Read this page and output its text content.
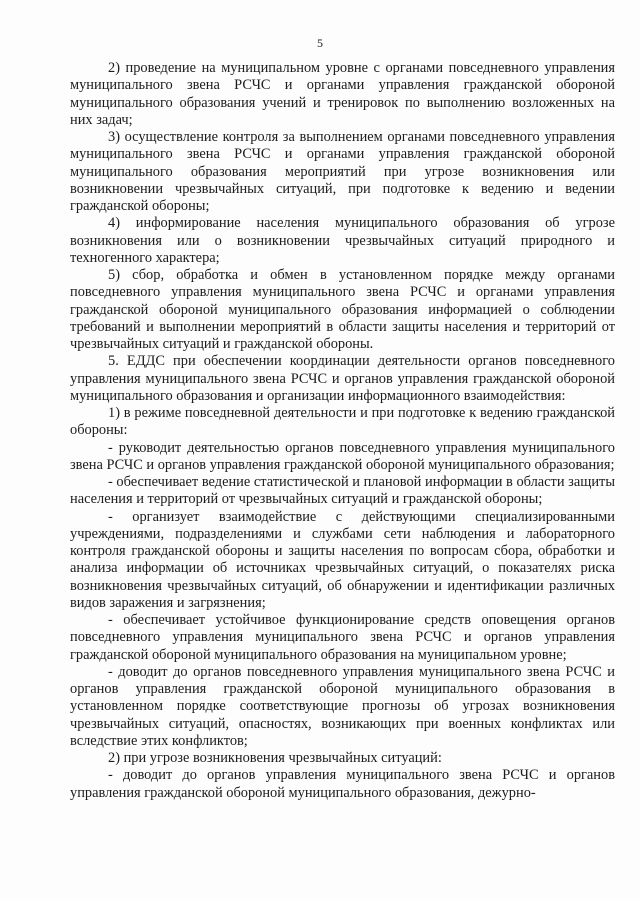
5

2) проведение на муниципальном уровне с органами повседневного управления муниципального звена РСЧС и органами управления гражданской обороной муниципального образования учений и тренировок по выполнению возложенных на них задач;

3) осуществление контроля за выполнением органами повседневного управления муниципального звена РСЧС и органами управления гражданской обороной муниципального образования мероприятий при угрозе возникновения или возникновении чрезвычайных ситуаций, при подготовке к ведению и ведении гражданской обороны;

4) информирование населения муниципального образования об угрозе возникновения или о возникновении чрезвычайных ситуаций природного и техногенного характера;

5) сбор, обработка и обмен в установленном порядке между органами повседневного управления муниципального звена РСЧС и органами управления гражданской обороной муниципального образования информацией о соблюдении требований и выполнении мероприятий в области защиты населения и территорий от чрезвычайных ситуаций и гражданской обороны.

5. ЕДДС при обеспечении координации деятельности органов повседневного управления муниципального звена РСЧС и органов управления гражданской обороной муниципального образования и организации информационного взаимодействия:

1) в режиме повседневной деятельности и при подготовке к ведению гражданской обороны:

- руководит деятельностью органов повседневного управления муниципального звена РСЧС и органов управления гражданской обороной муниципального образования;

- обеспечивает ведение статистической и плановой информации в области защиты населения и территорий от чрезвычайных ситуаций и гражданской обороны;

- организует взаимодействие с действующими специализированными учреждениями, подразделениями и службами сети наблюдения и лабораторного контроля гражданской обороны и защиты населения по вопросам сбора, обработки и анализа информации об источниках чрезвычайных ситуаций, о показателях риска возникновения чрезвычайных ситуаций, об обнаружении и идентификации различных видов заражения и загрязнения;

- обеспечивает устойчивое функционирование средств оповещения органов повседневного управления муниципального звена РСЧС и органов управления гражданской обороной муниципального образования на муниципальном уровне;

- доводит до органов повседневного управления муниципального звена РСЧС и органов управления гражданской обороной муниципального образования в установленном порядке соответствующие прогнозы об угрозах возникновения чрезвычайных ситуаций, опасностях, возникающих при военных конфликтах или вследствие этих конфликтов;

2) при угрозе возникновения чрезвычайных ситуаций:

- доводит до органов управления муниципального звена РСЧС и органов управления гражданской обороной муниципального образования, дежурно-
